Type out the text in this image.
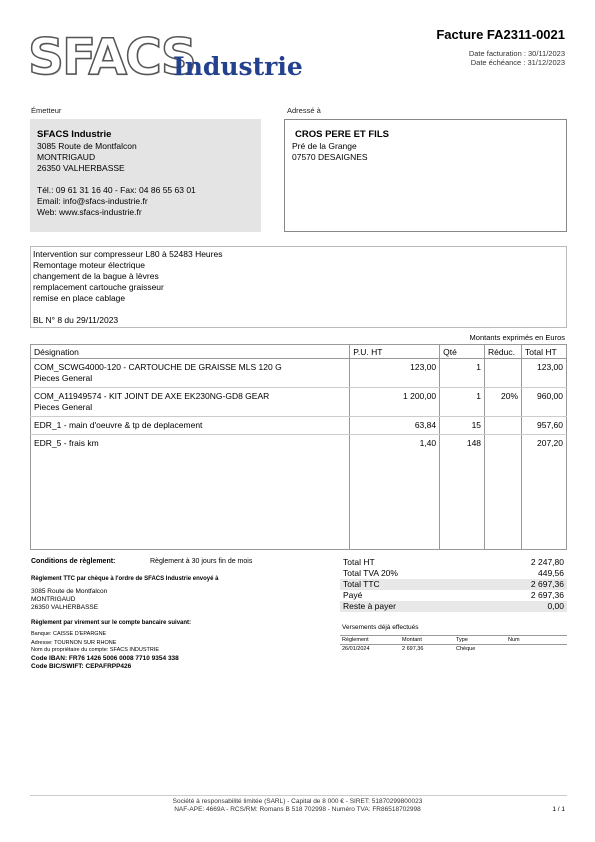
SFACS
Industrie
Facture FA2311-0021
Date facturation : 30/11/2023
Date échéance : 31/12/2023
Émetteur
SFACS Industrie
3085 Route de Montfalcon
MONTRIGAUD
26350 VALHERBASSE
Tél.: 09 61 31 16 40 - Fax: 04 86 55 63 01
Email: info@sfacs-industrie.fr
Web: www.sfacs-industrie.fr
Adressé à
CROS PERE ET FILS
Pré de la Grange
07570 DESAIGNES
Intervention sur compresseur L80 à 52483 Heures
Remontage moteur électrique
changement de la bague à lèvres
remplacement cartouche graisseur
remise en place cablage
BL N° 8 du 29/11/2023
Montants exprimés en Euros
Désignation	P.U. HT	Qté	Réduc.	Total HT

COM_SCWG4000-120 - CARTOUCHE DE GRAISSE MLS 120 G
Pieces General	123,00	1		123,00

COM_A11949574 - KIT JOINT DE AXE EK230NG-GD8 GEAR
Pieces General	1 200,00	1	20%	960,00
EDR_1 - main d'oeuvre & tp de deplacement	63,84	15		957,60
EDR_5 - frais km	1,40	148		207,20
Conditions de règlement:	Règlement à 30 jours fin de mois
Règlement TTC par chèque à l'ordre de SFACS Industrie envoyé à
3085 Route de Montfalcon
MONTRIGAUD
26350 VALHERBASSE
Règlement par virement sur le compte bancaire suivant:
Banque: CAISSE D'EPARGNE
Adresse: TOURNON SUR RHONE
Nom du propriétaire du compte: SFACS INDUSTRIE
Code IBAN: FR76 1426 5006 0008 7710 9354 338
Code BIC/SWIFT: CEPAFRPP426
Total HT	2 247,80
Total TVA 20%	449,56
Total TTC	2 697,36
Payé	2 697,36
Reste à payer	0,00
Versements déjà effectués
Règlement	Montant	Type	Num
26/01/2024	2 697,36	Chèque	
Société à responsabilité limitée (SARL) - Capital de 8 000 € - SIRET: 51870299800023
NAF-APE: 4669A - RCS/RM: Romans B 518 702998 - Numéro TVA: FR86518702998	1 / 1
